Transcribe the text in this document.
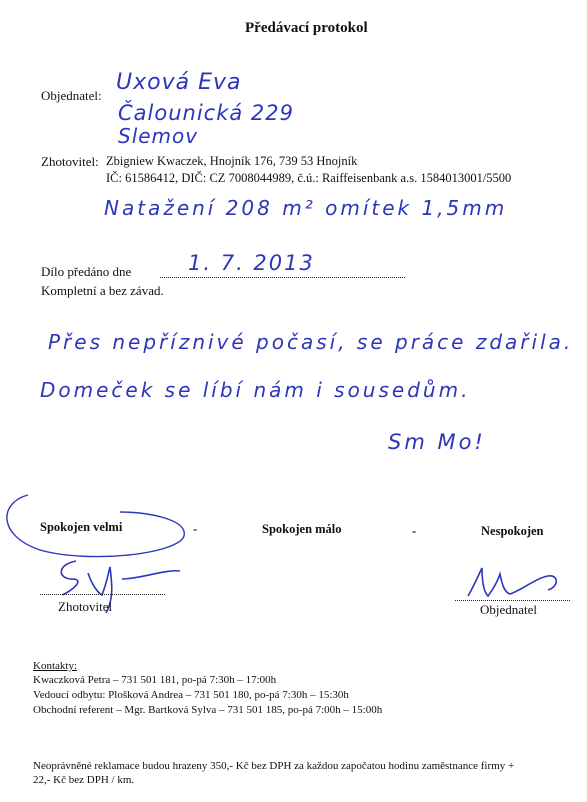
Předávací protokol
Objednatel:
Uxová Eva
Čalounická 229
Slemov
Zhotovitel: Zbigniew Kwaczek, Hnojník 176, 739 53 Hnojník
IČ: 61586412, DIČ: CZ 7008044989, č.ú.: Raiffeisenbank a.s. 1584013001/5500
Natažení 208 m² omítek 1,5mm
Dílo předáno dne	1. 7. 2013
Kompletní a bez závad.
Přes nepříznivé počasí, se práce zdařila.
Domeček se líbí nám i sousedům.
Sm Mo!
Spokojen velmi	-	Spokojen málo	-	Nespokojen
Zhotovitel	Objednatel
Kontakty:
Kwaczková Petra – 731 501 181, po-pá 7:30h – 17:00h
Vedoucí odbytu: Plošková Andrea – 731 501 180, po-pá 7:30h – 15:30h
Obchodní referent – Mgr. Bartková Sylva – 731 501 185, po-pá 7:00h – 15:00h
Neoprávněné reklamace budou hrazeny 350,- Kč bez DPH za každou započatou hodinu zaměstnance firmy +
22,- Kč bez DPH / km.
